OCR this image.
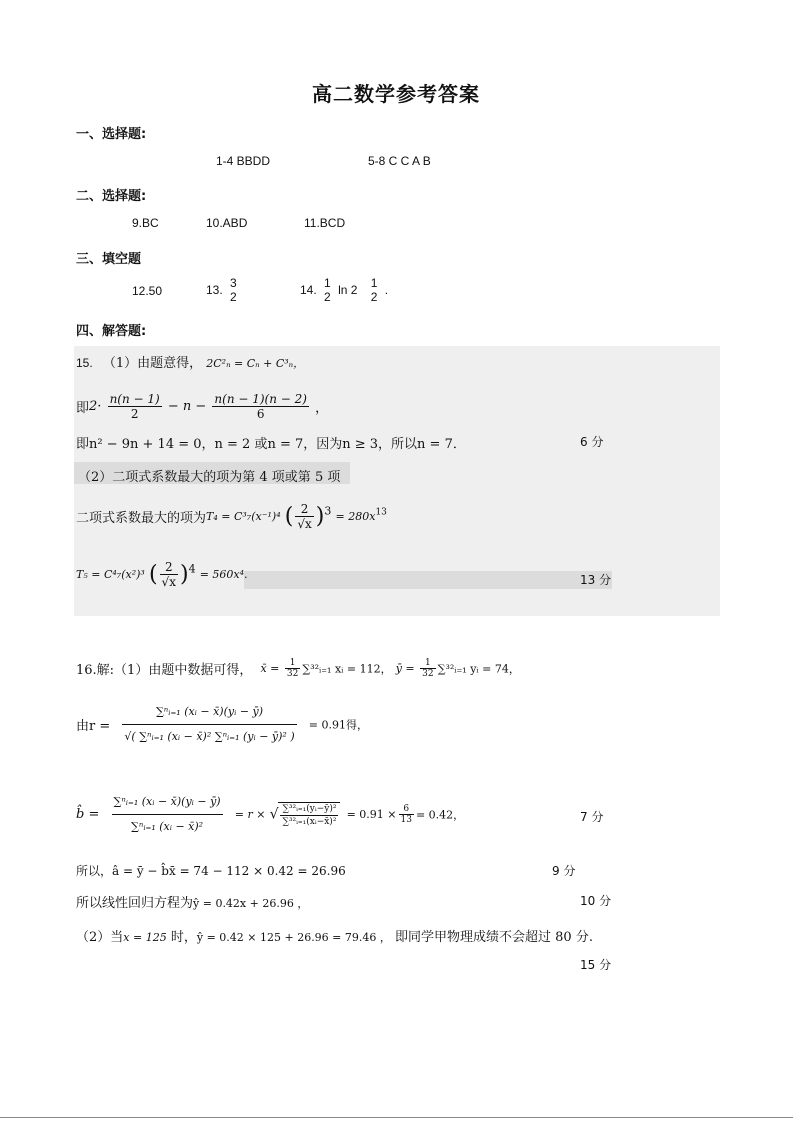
高二数学参考答案
一、选择题:
1-4 BBDD	5-8 C C A B
二、选择题:
9.BC	10.ABD	11.BCD
三、填空题
12.50	13. 3
2	14. 1
2 ln 2 1
2 .
四、解答题:
15. （1）由题意得， 2C²ₙ = Cₙ + C³ₙ，
即$2\cdot \frac{n(n - 1)}{2} - n - \frac{n(n - 1)(n - 2)}{6}$ ，
即n² − 9n + 14 = 0，n = 2 或n = 7，因为n ≥ 3，所以n = 7．	6 分
（2）二项式系数最大的项为第 4 项或第 5 项
二项式系数最大的项为T₄ = C³₇(x⁻¹)⁴ ( $\frac{2}{√x} )^3 = 280x^{13}$
T₅ = C⁴₇(x²)³ ( $\frac{2}{√x} )^4 = 560x^4$.	13 分
16.解:（1）由题中数据可得， x̄ = $\frac{1}{32}$ ∑³²ᵢ₌₁ xᵢ = 112， ȳ = $\frac{1}{32}$ ∑³²ᵢ₌₁ yᵢ = 74，
由$r = \frac{\text{∑ⁿᵢ₌₁ (xᵢ − x̄)(yᵢ − ȳ)}}{\text{√( ∑ⁿᵢ₌₁ (xᵢ − x̄)² ∑ⁿᵢ₌₁ (yᵢ − ȳ)² )}} = 0.91$得，
b̂ = $\frac{\text{∑ⁿᵢ₌₁ (xᵢ − x̄)(yᵢ − ȳ)}}{\text{∑ⁿᵢ₌₁ (xᵢ − x̄)²}} = r$ × √ $\frac{\text{∑³²ᵢ₌₁(yᵢ−ȳ)²}}{\text{∑³²ᵢ₌₁(xᵢ−x̄)²}} = 0.91 \times \frac{6}{13} = 0.42$，	7 分
所以，â = ȳ − b̂x̄ = 74 − 112 × 0.42 = 26.96	9 分
所以线性回归方程为ŷ = 0.42x + 26.96 ，	10 分
（2）当x = 125 时，ŷ = 0.42 × 125 + 26.96 = 79.46 ， 即同学甲物理成绩不会超过 80 分.
15 分
